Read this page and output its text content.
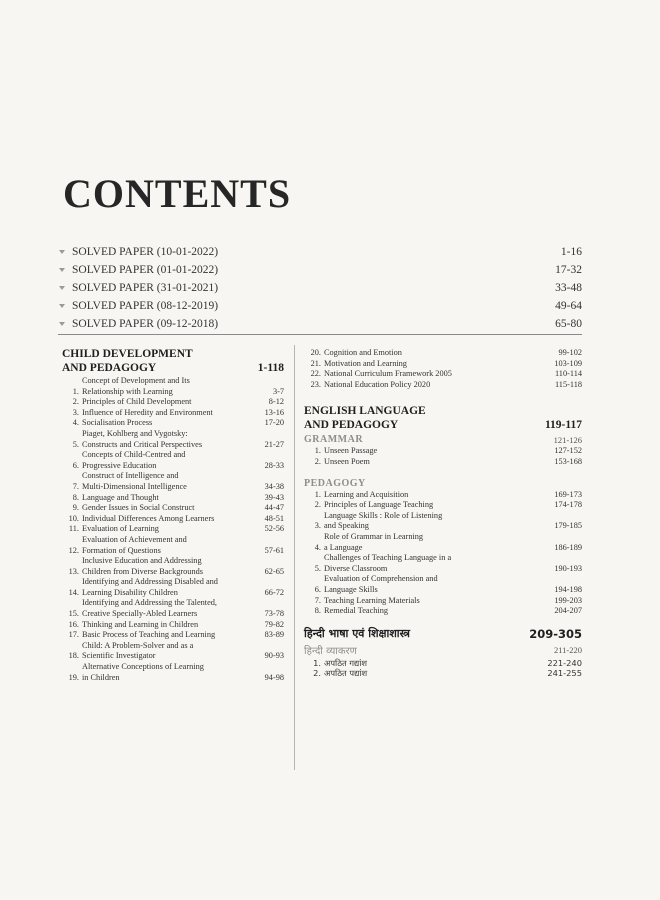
CONTENTS
SOLVED PAPER (10-01-2022)	1-16
SOLVED PAPER (01-01-2022)	17-32
SOLVED PAPER (31-01-2021)	33-48
SOLVED PAPER (08-12-2019)	49-64
SOLVED PAPER (09-12-2018)	65-80
CHILD DEVELOPMENT
AND PEDAGOGY	1-118
1.
Concept of Development and Its
Relationship with Learning	3-7
2. Principles of Child Development	8-12
3. Influence of Heredity and Environment	13-16
4. Socialisation Process	17-20
5.
Piaget, Kohlberg and Vygotsky:
Constructs and Critical Perspectives	21-27
6.
Concepts of Child-Centred and
Progressive Education	28-33
7.
Construct of Intelligence and
Multi-Dimensional Intelligence	34-38
8. Language and Thought	39-43
9. Gender Issues in Social Construct	44-47
10. Individual Differences Among Learners	48-51
11. Evaluation of Learning	52-56
12.
Evaluation of Achievement and
Formation of Questions	57-61
13.
Inclusive Education and Addressing
Children from Diverse Backgrounds	62-65
14.
Identifying and Addressing Disabled and
Learning Disability Children	66-72
15.
Identifying and Addressing the Talented,
Creative Specially-Abled Learners	73-78
16. Thinking and Learning in Children	79-82
17. Basic Process of Teaching and Learning	83-89
18.
Child: A Problem-Solver and as a
Scientific Investigator	90-93
19.
Alternative Conceptions of Learning
in Children	94-98
20. Cognition and Emotion	99-102
21. Motivation and Learning	103-109
22. National Curriculum Framework 2005	110-114
23. National Education Policy 2020	115-118
ENGLISH LANGUAGE
AND PEDAGOGY	119-117
GRAMMAR	121-126
1. Unseen Passage	127-152
2. Unseen Poem	153-168
PEDAGOGY
1. Learning and Acquisition	169-173
2. Principles of Language Teaching	174-178
3.
Language Skills : Role of Listening
and Speaking	179-185
4.
Role of Grammar in Learning
a Language	186-189
5.
Challenges of Teaching Language in a
Diverse Classroom	190-193
6.
Evaluation of Comprehension and
Language Skills	194-198
7. Teaching Learning Materials	199-203
8. Remedial Teaching	204-207
हिन्दी भाषा एवं शिक्षाशास्त्र	209-305
हिन्दी व्याकरण	211-220
1. अपठित गद्यांश	221-240
2. अपठित पद्यांश	241-255
